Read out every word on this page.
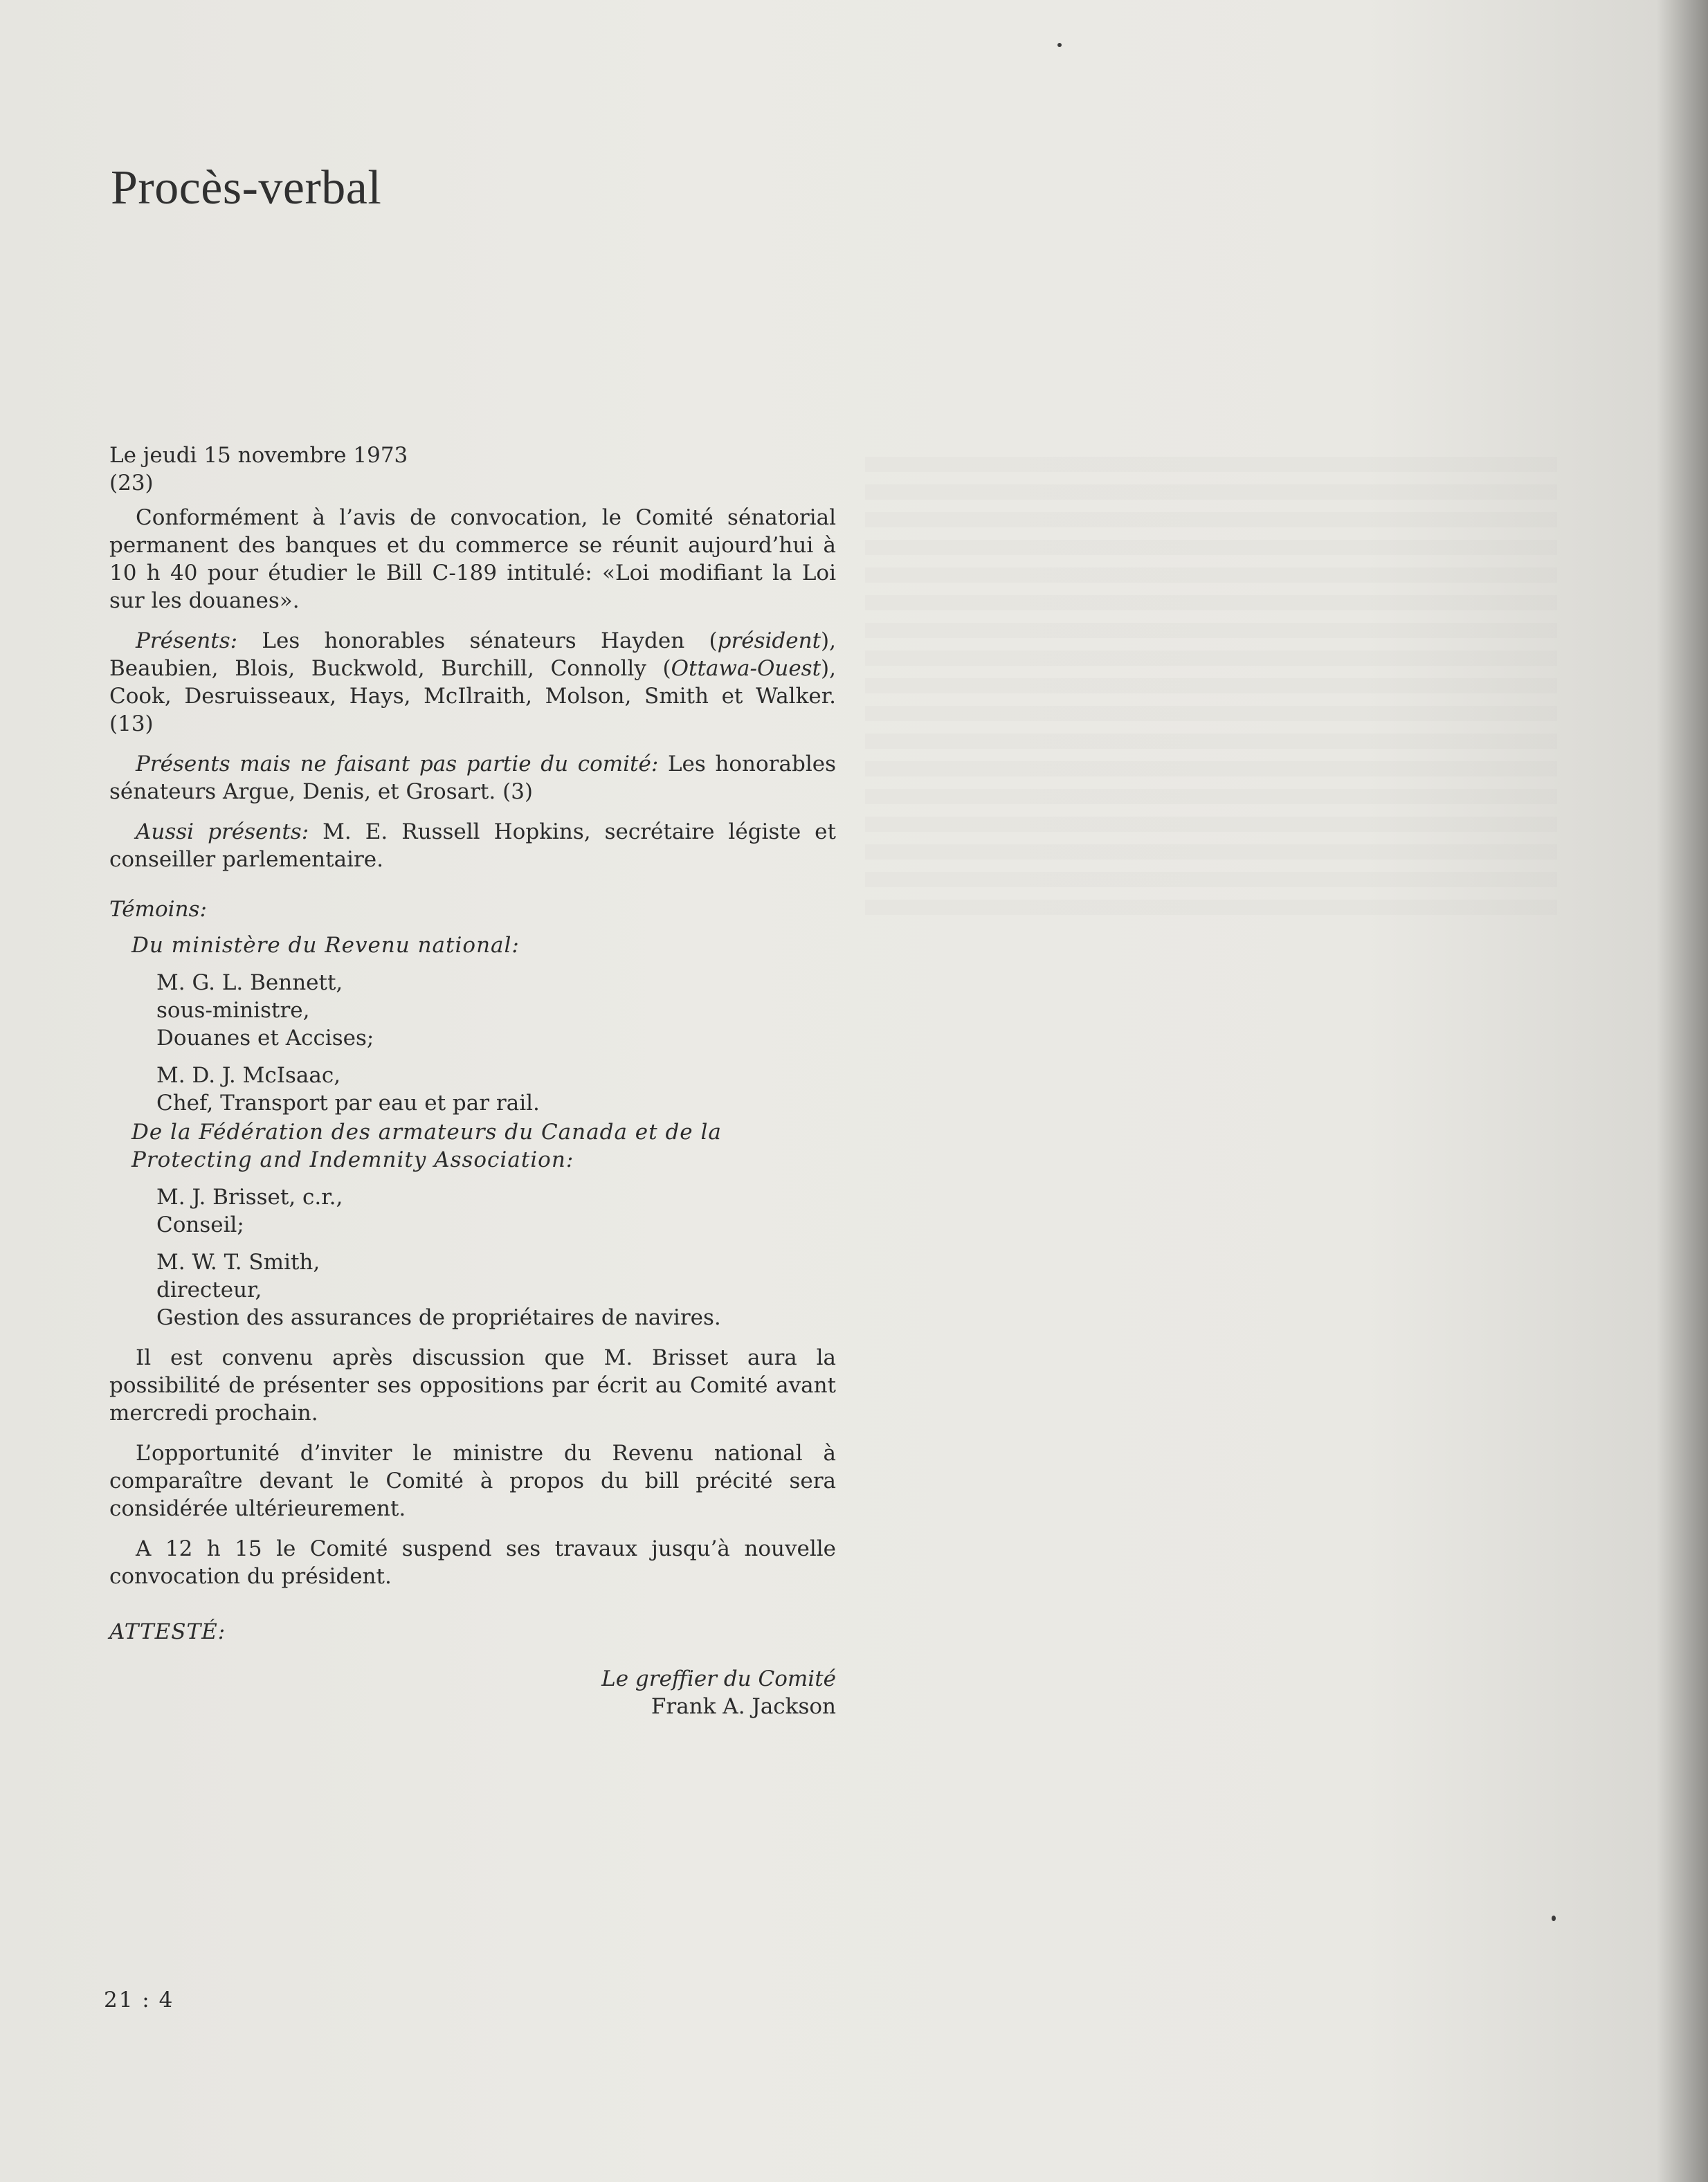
Procès-verbal

Le jeudi 15 novembre 1973

(23)

Conformément à l’avis de convocation, le Comité sénatorial permanent des banques et du commerce se réunit aujourd’hui à 10 h 40 pour étudier le Bill C-189 intitulé: «Loi modifiant la Loi sur les douanes».

Présents: Les honorables sénateurs Hayden (président), Beaubien, Blois, Buckwold, Burchill, Connolly (Ottawa-Ouest), Cook, Desruisseaux, Hays, McIlraith, Molson, Smith et Walker. (13)

Présents mais ne faisant pas partie du comité: Les honorables sénateurs Argue, Denis, et Grosart. (3)

Aussi présents: M. E. Russell Hopkins, secrétaire légiste et conseiller parlementaire.

Témoins:
Du ministère du Revenu national:
M. G. L. Bennett,
sous-ministre,
Douanes et Accises;
M. D. J. McIsaac,
Chef, Transport par eau et par rail.
De la Fédération des armateurs du Canada et de la Protecting and Indemnity Association:
M. J. Brisset, c.r.,
Conseil;
M. W. T. Smith,
directeur,
Gestion des assurances de propriétaires de navires.

Il est convenu après discussion que M. Brisset aura la possibilité de présenter ses oppositions par écrit au Comité avant mercredi prochain.

L’opportunité d’inviter le ministre du Revenu national à comparaître devant le Comité à propos du bill précité sera considérée ultérieurement.

A 12 h 15 le Comité suspend ses travaux jusqu’à nouvelle convocation du président.

ATTESTÉ:
Le greffier du Comité
Frank A. Jackson
21 : 4
